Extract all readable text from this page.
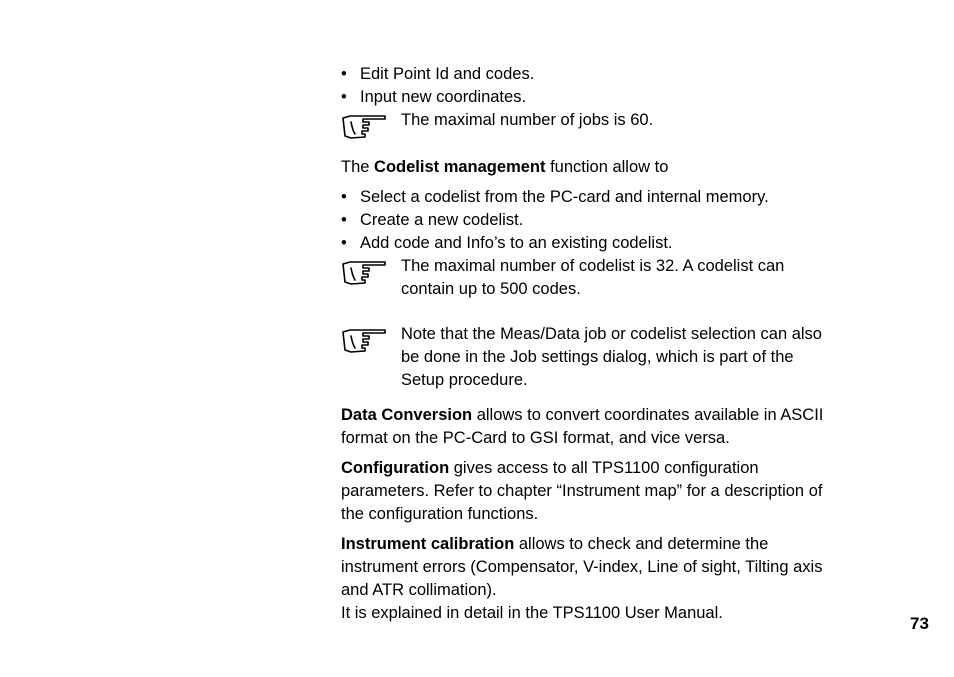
• Edit Point Id and codes.
• Input new coordinates.
The maximal number of jobs is 60.
The Codelist management function allow to
• Select a codelist from the PC-card and internal memory.
• Create a new codelist.
• Add code and Info’s to an existing codelist.
The maximal number of codelist is 32. A codelist can
contain up to 500 codes.
Note that the Meas/Data job or codelist selection can also
be done in the Job settings dialog, which is part of the
Setup procedure.
Data Conversion allows to convert coordinates available in ASCII
format on the PC-Card to GSI format, and vice versa.
Configuration gives access to all TPS1100 configuration
parameters. Refer to chapter “Instrument map” for a description of
the configuration functions.
Instrument calibration allows to check and determine the
instrument errors (Compensator, V-index, Line of sight, Tilting axis
and ATR collimation).
It is explained in detail in the TPS1100 User Manual.
73
